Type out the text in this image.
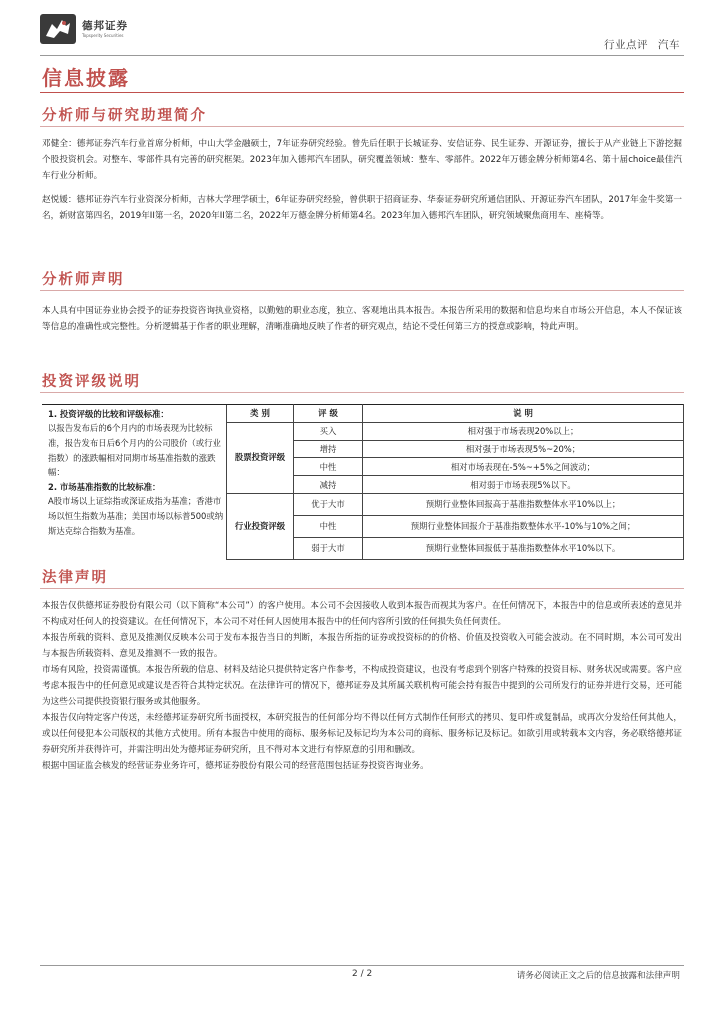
德邦证券
Topsperity Securities
行业点评 汽车
信息披露
分析师与研究助理简介

邓健全：德邦证券汽车行业首席分析师，中山大学金融硕士，7年证券研究经验。曾先后任职于长城证券、安信证券、民生证券、开源证券，擅长于从产业链上下游挖掘个股投资机会。对整车、零部件具有完善的研究框架。2023年加入德邦汽车团队，研究覆盖领域：整车、零部件。2022年万德金牌分析师第4名、第十届choice最佳汽车行业分析师。

赵悦媛：德邦证券汽车行业资深分析师，吉林大学理学硕士，6年证券研究经验，曾供职于招商证券、华泰证券研究所通信团队、开源证券汽车团队，2017年金牛奖第一名，新财富第四名，2019年II第一名，2020年II第二名，2022年万德金牌分析师第4名。2023年加入德邦汽车团队，研究领域聚焦商用车、座椅等。

分析师声明

本人具有中国证券业协会授予的证券投资咨询执业资格，以勤勉的职业态度，独立、客观地出具本报告。本报告所采用的数据和信息均来自市场公开信息，本人不保证该等信息的准确性或完整性。分析逻辑基于作者的职业理解，清晰准确地反映了作者的研究观点，结论不受任何第三方的授意或影响，特此声明。

投资评级说明
1. 投资评级的比较和评级标准：
以报告发布后的6个月内的市场表现为比较标准，报告发布日后6个月内的公司股价（或行业指数）的涨跌幅相对同期市场基准指数的涨跌幅：
2. 市场基准指数的比较标准：
A股市场以上证综指或深证成指为基准；香港市场以恒生指数为基准；美国市场以标普500或纳斯达克综合指数为基准。
类 别	评 级	说 明
股票投资评级	买入	相对强于市场表现20%以上；
	增持	相对强于市场表现5%~20%；
	中性	相对市场表现在-5%~+5%之间波动；
	减持	相对弱于市场表现5%以下。
行业投资评级	优于大市	预期行业整体回报高于基准指数整体水平10%以上；
	中性	预期行业整体回报介于基准指数整体水平-10%与10%之间；
	弱于大市	预期行业整体回报低于基准指数整体水平10%以下。
法律声明

本报告仅供德邦证券股份有限公司（以下简称“本公司”）的客户使用。本公司不会因接收人收到本报告而视其为客户。在任何情况下，本报告中的信息或所表述的意见并不构成对任何人的投资建议。在任何情况下，本公司不对任何人因使用本报告中的任何内容所引致的任何损失负任何责任。

本报告所载的资料、意见及推测仅反映本公司于发布本报告当日的判断，本报告所指的证券或投资标的的价格、价值及投资收入可能会波动。在不同时期，本公司可发出与本报告所载资料、意见及推测不一致的报告。

市场有风险，投资需谨慎。本报告所载的信息、材料及结论只提供特定客户作参考，不构成投资建议，也没有考虑到个别客户特殊的投资目标、财务状况或需要。客户应考虑本报告中的任何意见或建议是否符合其特定状况。在法律许可的情况下，德邦证券及其所属关联机构可能会持有报告中提到的公司所发行的证券并进行交易，还可能为这些公司提供投资银行服务或其他服务。

本报告仅向特定客户传送，未经德邦证券研究所书面授权，本研究报告的任何部分均不得以任何方式制作任何形式的拷贝、复印件或复制品，或再次分发给任何其他人，或以任何侵犯本公司版权的其他方式使用。所有本报告中使用的商标、服务标记及标记均为本公司的商标、服务标记及标记。如欲引用或转载本文内容，务必联络德邦证券研究所并获得许可，并需注明出处为德邦证券研究所，且不得对本文进行有悖原意的引用和删改。

根据中国证监会核发的经营证券业务许可，德邦证券股份有限公司的经营范围包括证券投资咨询业务。

2 / 2	请务必阅读正文之后的信息披露和法律声明
